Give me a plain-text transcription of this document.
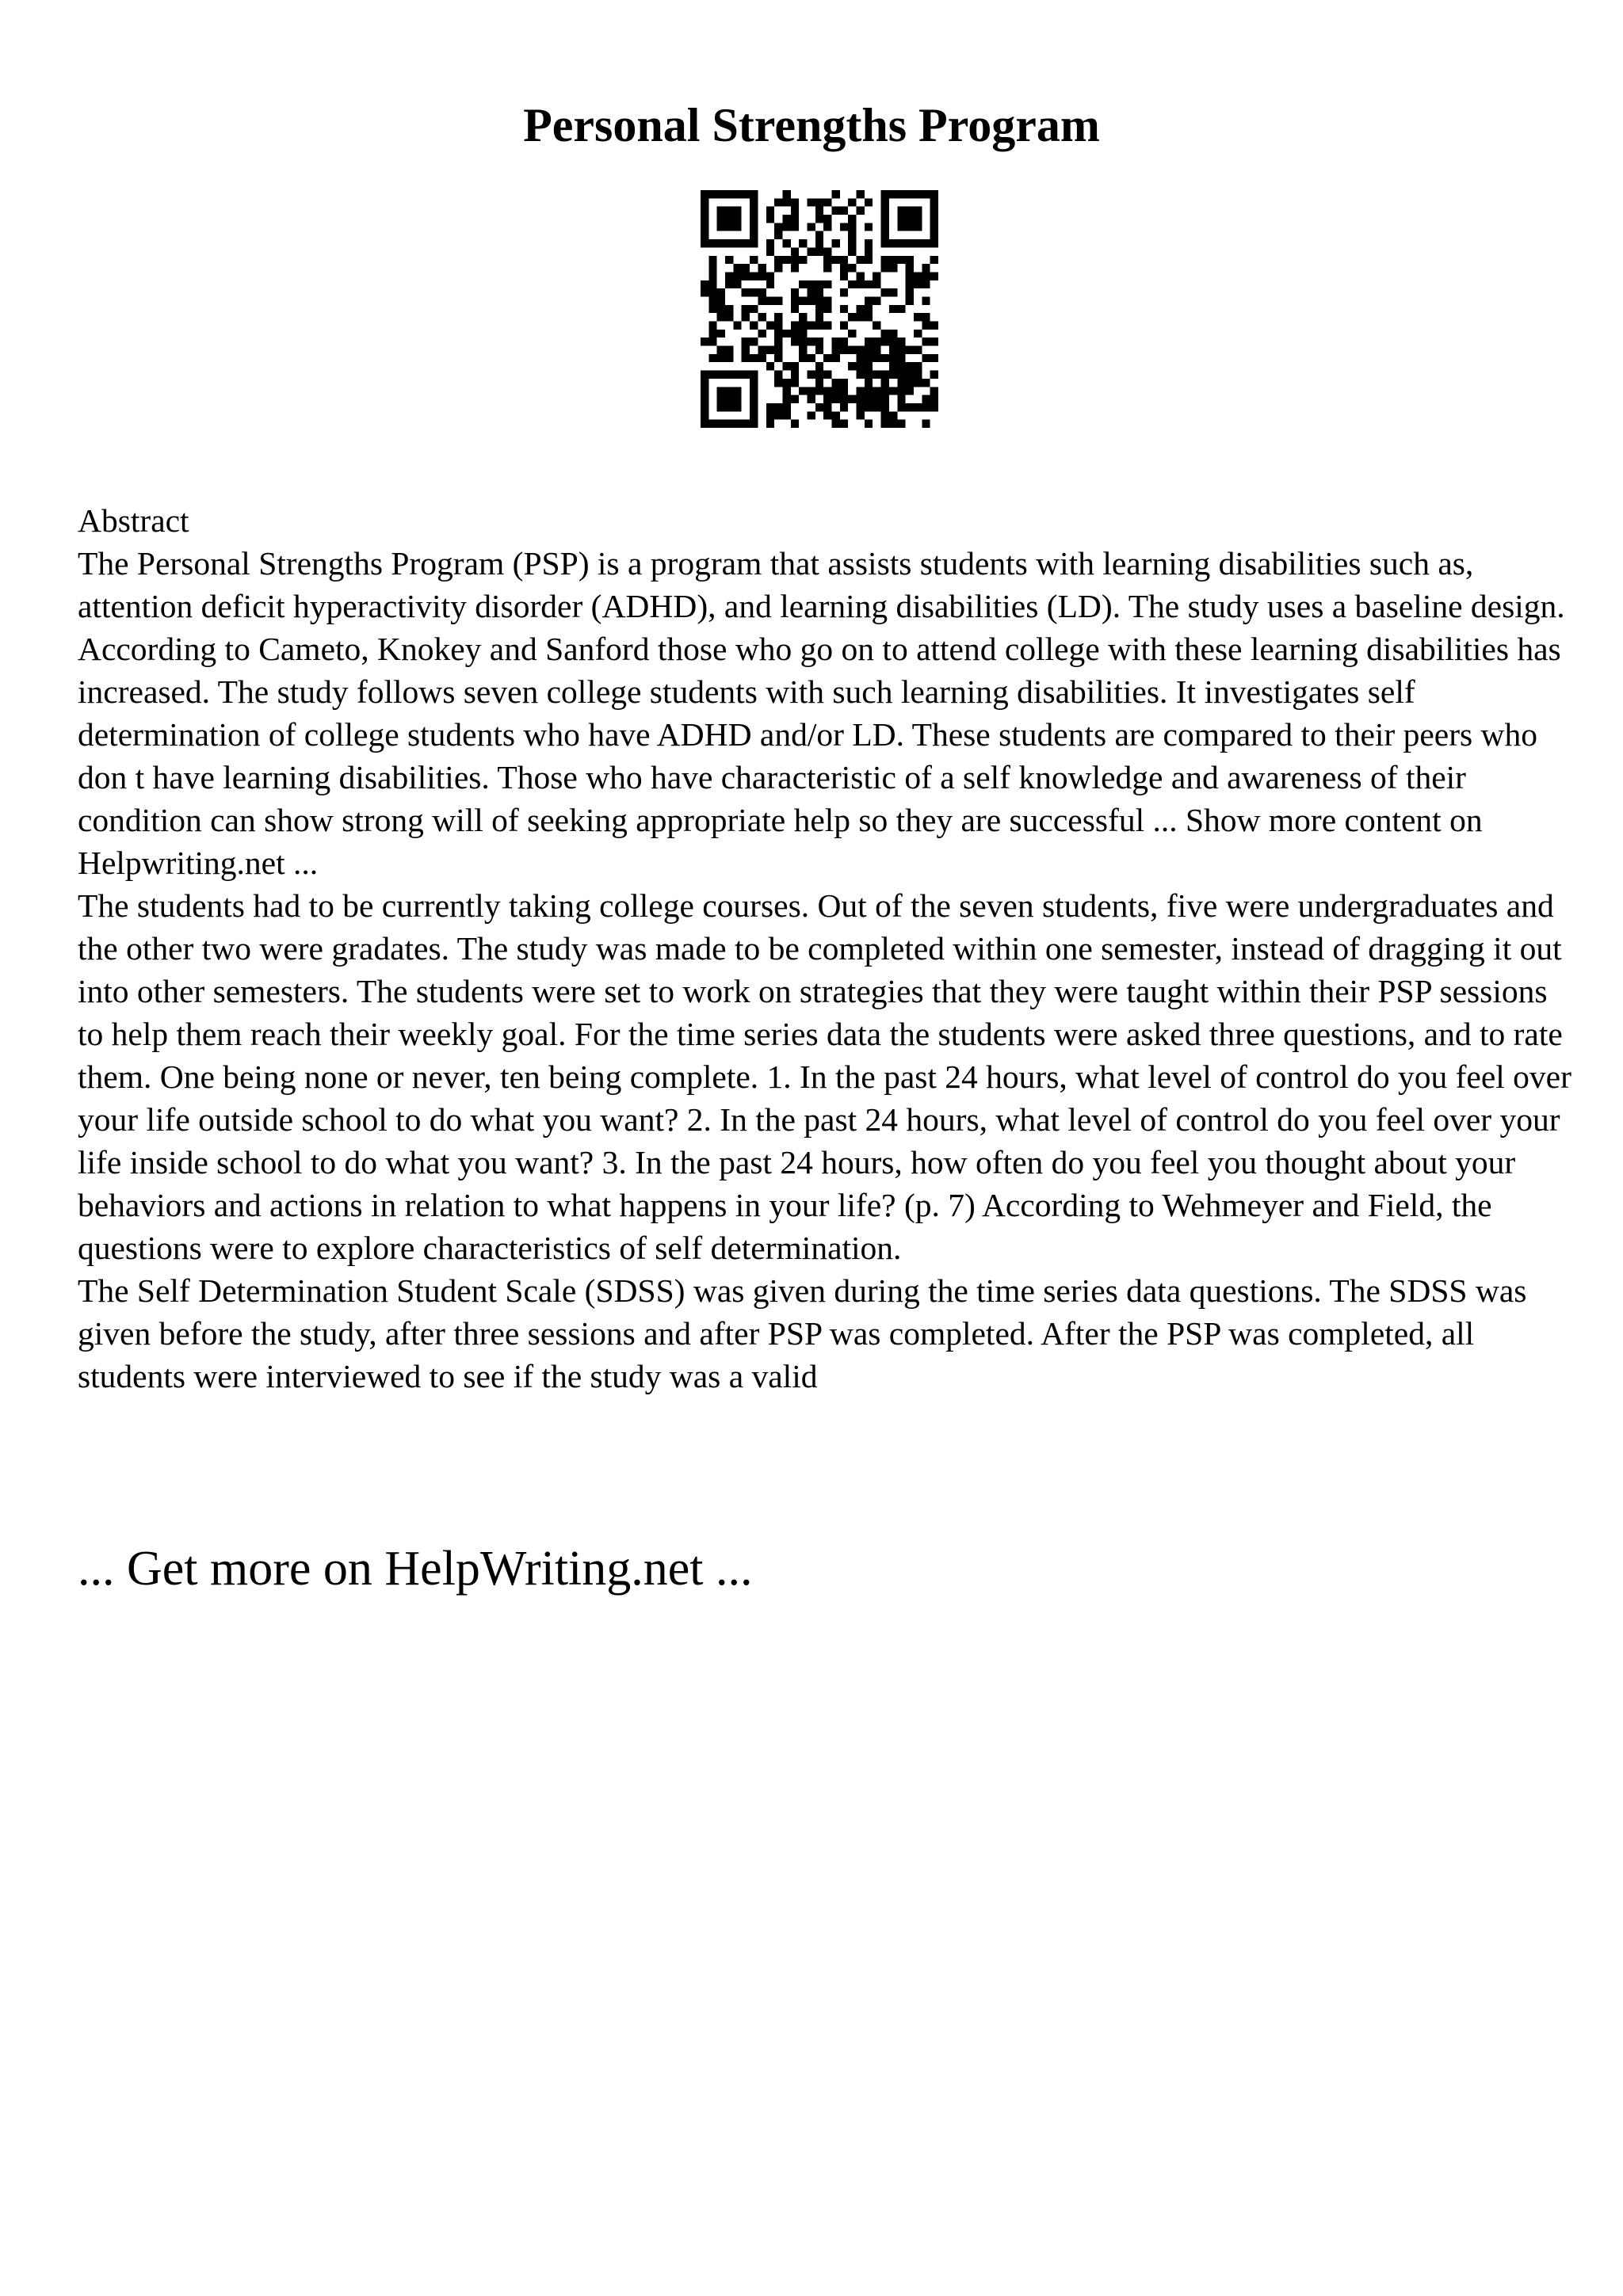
Personal Strengths Program

Abstract

The Personal Strengths Program (PSP) is a program that assists students with learning disabilities such as, attention deficit hyperactivity disorder (ADHD), and learning disabilities (LD). The study uses a baseline design. According to Cameto, Knokey and Sanford those who go on to attend college with these learning disabilities has increased. The study follows seven college students with such learning disabilities. It investigates self determination of college students who have ADHD and/or LD. These students are compared to their peers who don t have learning disabilities. Those who have characteristic of a self knowledge and awareness of their condition can show strong will of seeking appropriate help so they are successful ... Show more content on Helpwriting.net ...

The students had to be currently taking college courses. Out of the seven students, five were undergraduates and the other two were gradates. The study was made to be completed within one semester, instead of dragging it out into other semesters. The students were set to work on strategies that they were taught within their PSP sessions to help them reach their weekly goal. For the time series data the students were asked three questions, and to rate them. One being none or never, ten being complete. 1. In the past 24 hours, what level of control do you feel over your life outside school to do what you want? 2. In the past 24 hours, what level of control do you feel over your life inside school to do what you want? 3. In the past 24 hours, how often do you feel you thought about your behaviors and actions in relation to what happens in your life? (p. 7) According to Wehmeyer and Field, the questions were to explore characteristics of self determination.

The Self Determination Student Scale (SDSS) was given during the time series data questions. The SDSS was given before the study, after three sessions and after PSP was completed. After the PSP was completed, all students were interviewed to see if the study was a valid

... Get more on HelpWriting.net ...
